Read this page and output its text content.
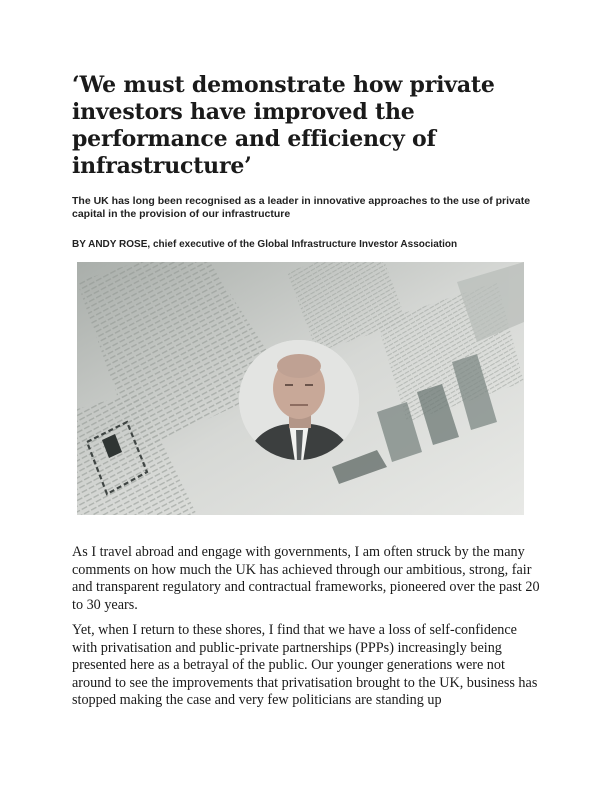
‘We must demonstrate how private investors have improved the performance and efficiency of infrastructure’

The UK has long been recognised as a leader in innovative approaches to the use of private capital in the provision of our infrastructure

BY ANDY ROSE, chief executive of the Global Infrastructure Investor Association

As I travel abroad and engage with governments, I am often struck by the many comments on how much the UK has achieved through our ambitious, strong, fair and transparent regulatory and contractual frameworks, pioneered over the past 20 to 30 years.

Yet, when I return to these shores, I find that we have a loss of self-confidence with privatisation and public-private partnerships (PPPs) increasingly being presented here as a betrayal of the public. Our younger generations were not around to see the improvements that privatisation brought to the UK, business has stopped making the case and very few politicians are standing up
